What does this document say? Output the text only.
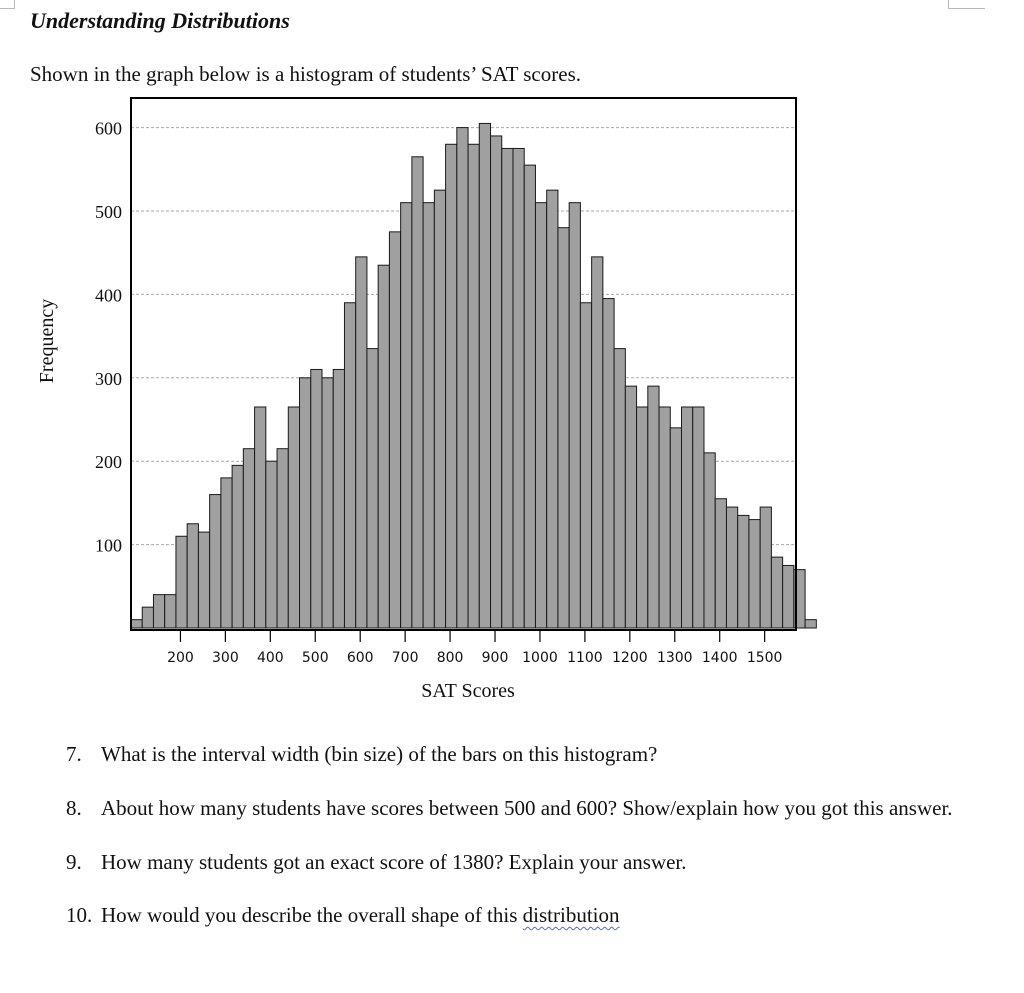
Understanding Distributions

Shown in the graph below is a histogram of students’ SAT scores.

100
200
300
400
500
600
200 300 400 500 600 700 800 900 1000 1100 1200 1300 1400 1500
SAT Scores
Frequency
7. What is the interval width (bin size) of the bars on this histogram?
8. About how many students have scores between 500 and 600? Show/explain how you got this answer.
9. How many students got an exact score of 1380? Explain your answer.
10. How would you describe the overall shape of this distribution
